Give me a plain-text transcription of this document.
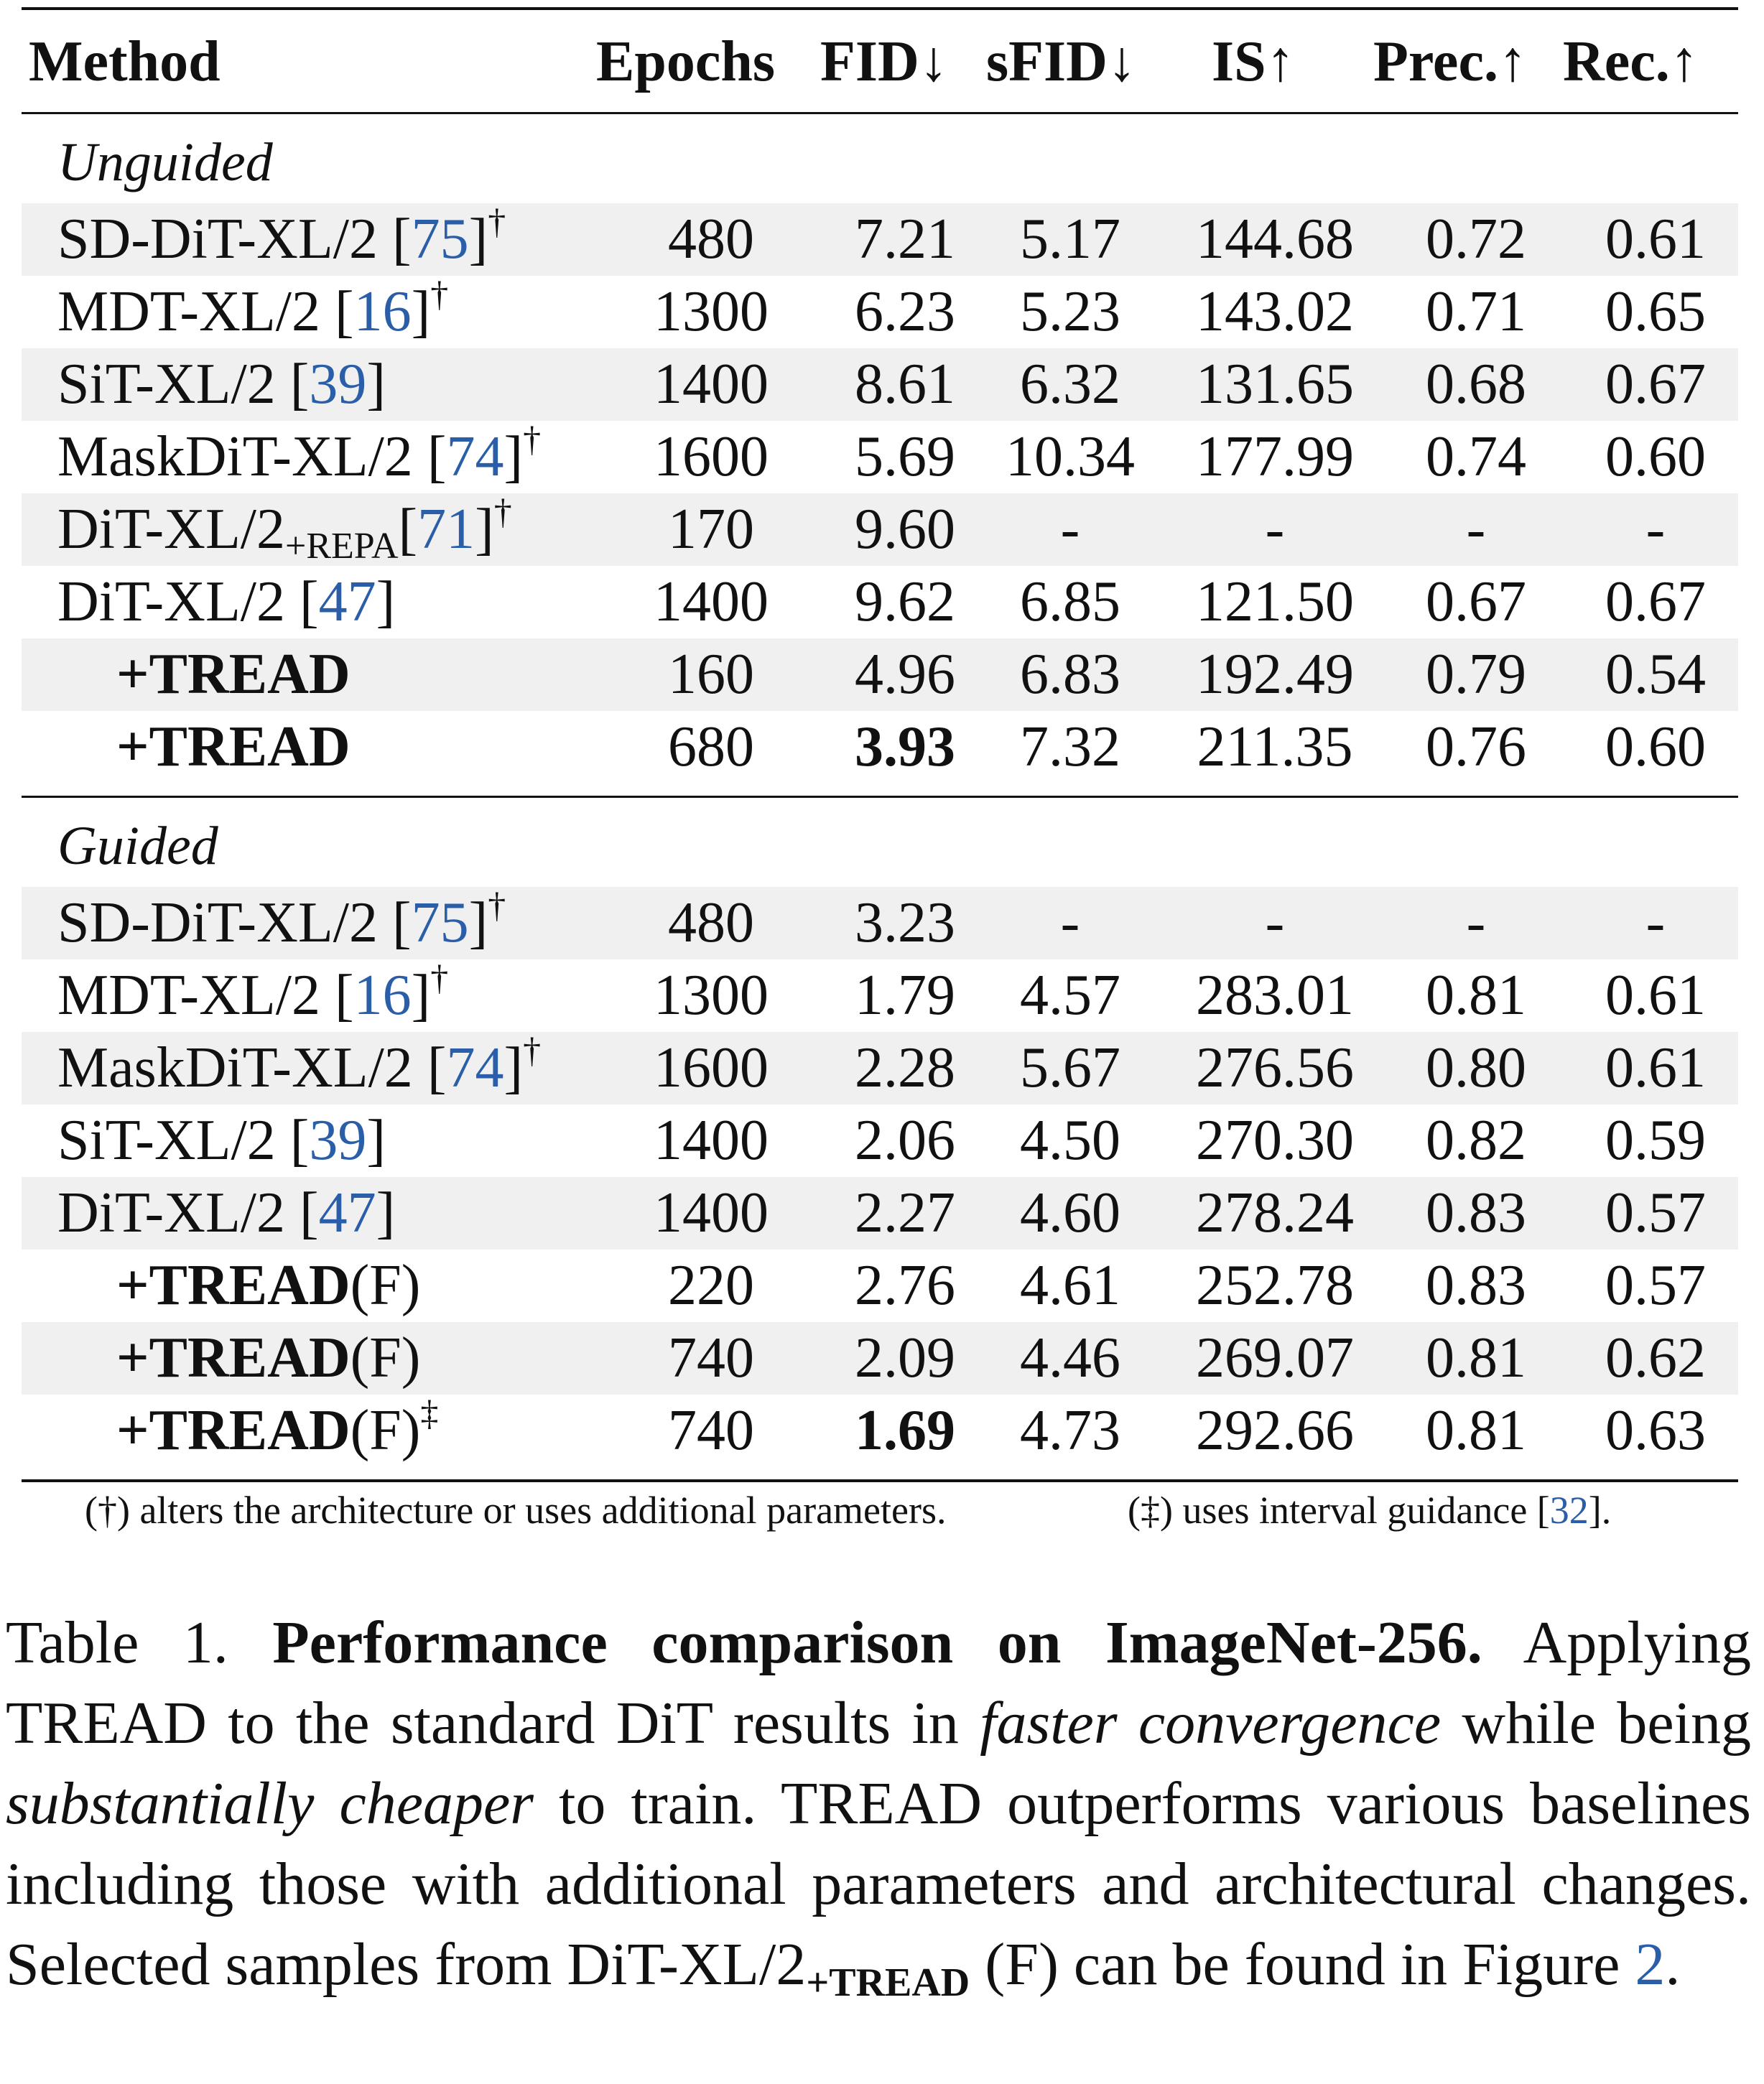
Method	Epochs FID↓ sFID↓ IS↑ Prec.↑ Rec.↑
Unguided
SD-DiT-XL/2 [75]†	480	7.21	5.17	144.68	0.72	0.61
MDT-XL/2 [16]†	1300	6.23	5.23	143.02	0.71	0.65
SiT-XL/2 [39]	1400	8.61	6.32	131.65	0.68	0.67
MaskDiT-XL/2 [74]†	1600	5.69 10.34	177.99	0.74	0.60
DiT-$XL/2_{+REPA}[71]^\dagger$	170	9.60	-	-	-	-
DiT-XL/2 [47]	1400	9.62	6.85	121.50	0.67	0.67
+TREAD	160	4.96	6.83	192.49	0.79	0.54
+TREAD	680	3.93	7.32	211.35	0.76	0.60
Guided
SD-DiT-XL/2 [75]†	480	3.23	-	-	-	-
MDT-XL/2 [16]†	1300	1.79	4.57	283.01	0.81	0.61
MaskDiT-XL/2 [74]†	1600	2.28	5.67	276.56	0.80	0.61
SiT-XL/2 [39]	1400	2.06	4.50	270.30	0.82	0.59
DiT-XL/2 [47]	1400	2.27	4.60	278.24	0.83	0.57
+TREAD(F)	220	2.76	4.61	252.78	0.83	0.57
+TREAD(F)	740	2.09	4.46	269.07	0.81	0.62
+TREAD(F)‡	740	1.69	4.73	292.66	0.81	0.63
(†) alters the architecture or uses additional parameters.	(‡) uses interval guidance [32].
Table 1. Performance comparison on ImageNet-256. Applying TREAD to the standard DiT results in faster convergence while being substantially cheaper to train. TREAD outperforms various baselines including those with additional parameters and architectural changes. Selected samples from DiT-$XL/2_{+TREAD}$ (F) can be found in Figure 2.
